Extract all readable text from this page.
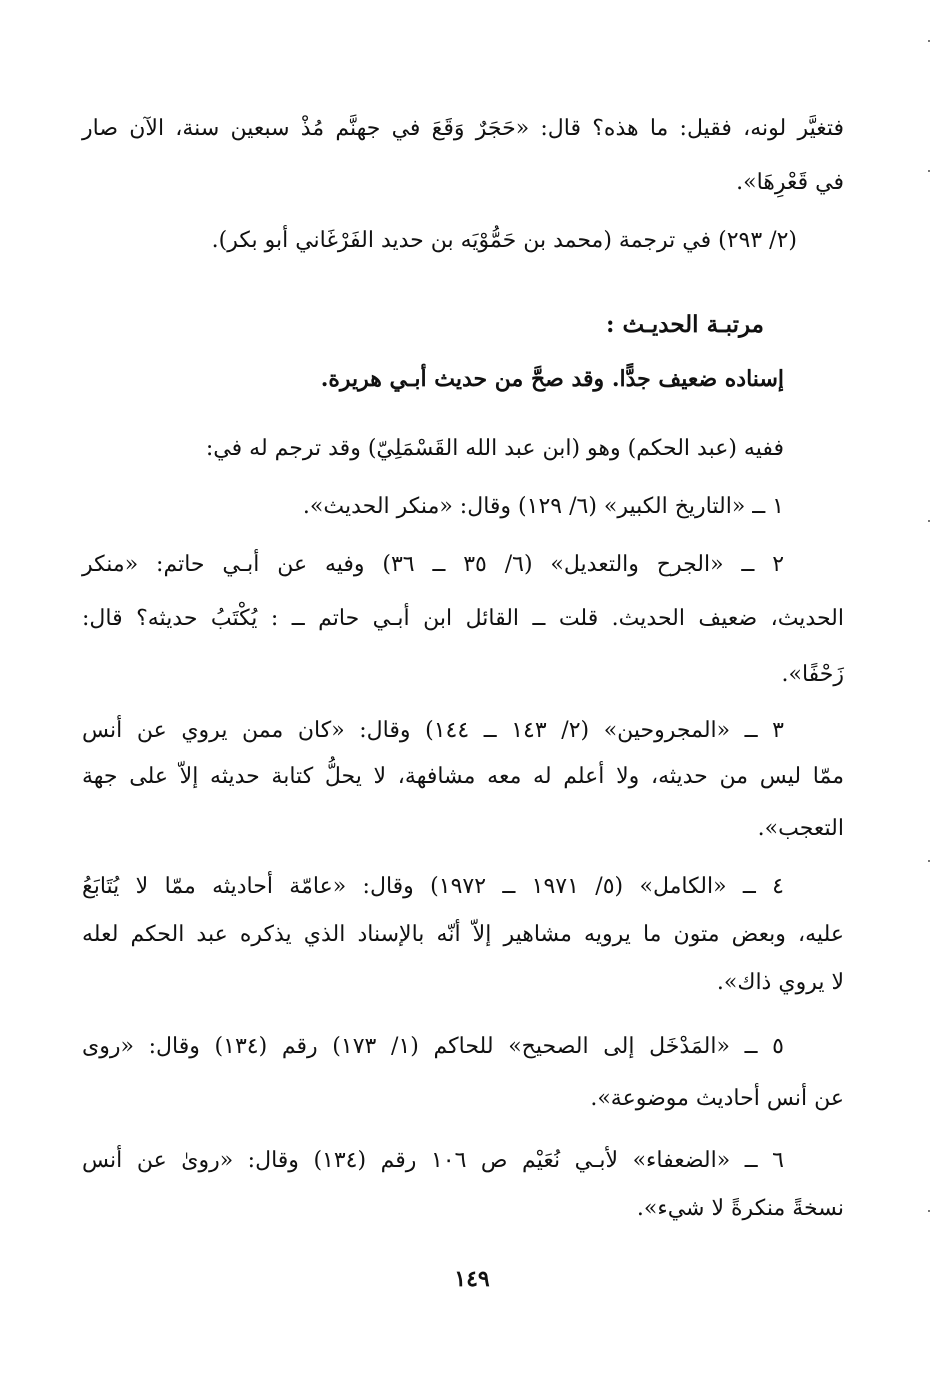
فتغيَّر لونه، فقيل: ما هذه؟ قال: «حَجَرٌ وَقَعَ في جهنَّم مُذْ سبعين سنة، الآن صار
في قَعْرِهَا».
(٢/ ٢٩٣) في ترجمة (محمد بن حَمُّوْيَه بن حديد الفَرْغَاني أبو بكر).
مرتبـة الحديـث :
إسناده ضعيف جدًّا. وقد صحَّ من حديث أبـي هريرة.
ففيه (عبد الحكم) وهو (ابن عبد الله القَسْمَلِيّ) وقد ترجم له في:
١ ــ «التاريخ الكبير» (٦/ ١٢٩) وقال: «منكر الحديث».
٢ ــ «الجرح والتعديل» (٦/ ٣٥ ــ ٣٦) وفيه عن أبـي حاتم: «منكر
الحديث، ضعيف الحديث. قلت ــ القائل ابن أبـي حاتم ــ : يُكْتَبُ حديثه؟ قال:
زَحْفًا».
٣ ــ «المجروحين» (٢/ ١٤٣ ــ ١٤٤) وقال: «كان ممن يروي عن أنس
ممّا ليس من حديثه، ولا أعلم له معه مشافهة، لا يحلُّ كتابة حديثه إلاّ على جهة
التعجب».
٤ ــ «الكامل» (٥/ ١٩٧١ ــ ١٩٧٢) وقال: «عامّة أحاديثه ممّا لا يُتَابَعُ
عليه، وبعض متون ما يرويه مشاهير إلاّ أنّه بالإسناد الذي يذكره عبد الحكم لعله
لا يروي ذاك».
٥ ــ «المَدْخَل إلى الصحيح» للحاكم (١/ ١٧٣) رقم (١٣٤) وقال: «روى
عن أنس أحاديث موضوعة».
٦ ــ «الضعفاء» لأبـي نُعَيْم ص ١٠٦ رقم (١٣٤) وقال: «روىٰ عن أنس
نسخةً منكرةً لا شيء».
١٤٩
